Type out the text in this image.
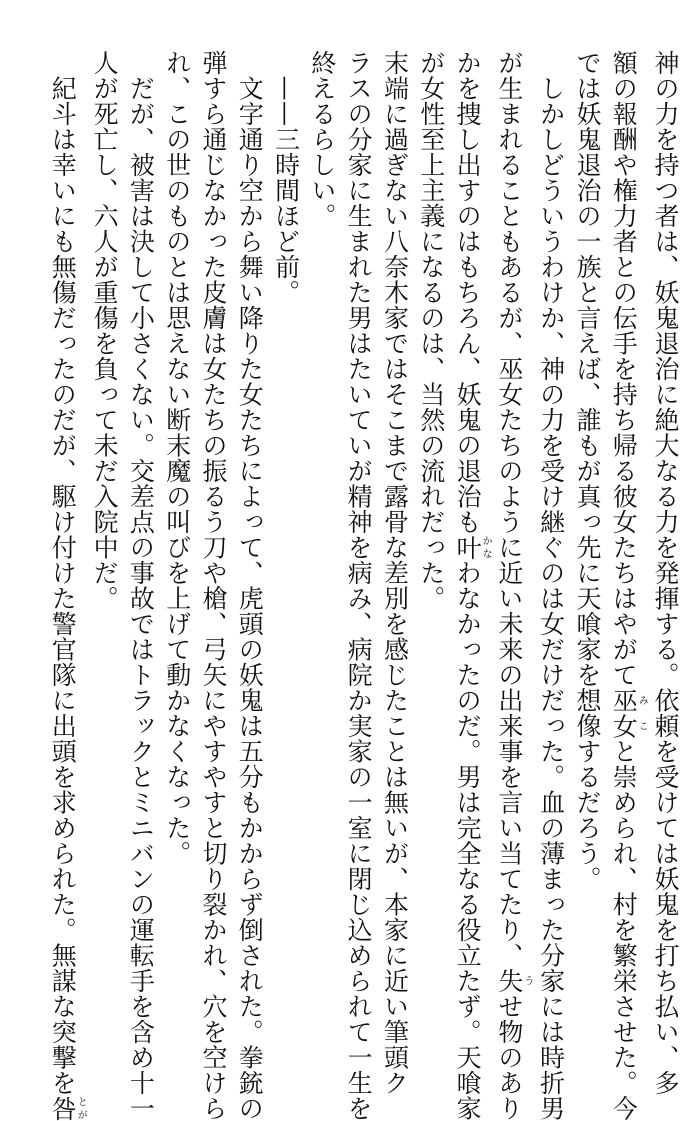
神の力を持つ者は、妖鬼退治に絶大なる力を発揮する。依頼を受けては妖鬼を打ち払い、多
額の報酬や権力者との伝手を持ち帰る彼女たちはやがて巫女みこと崇められ、村を繁栄させた。今
では妖鬼退治の一族と言えば、誰もが真っ先に天喰家を想像するだろう。
　しかしどういうわけか、神の力を受け継ぐのは女だけだった。血の薄まった分家には時折男
が生まれることもあるが、巫女たちのように近い未来の出来事を言い当てたり、失うせ物のあり
かを捜し出すのはもちろん、妖鬼の退治も叶かなわなかったのだ。男は完全なる役立たず。天喰家
が女性至上主義になるのは、当然の流れだった。
末端に過ぎない八奈木家ではそこまで露骨な差別を感じたことは無いが、本家に近い筆頭ク
ラスの分家に生まれた男はたいていが精神を病み、病院か実家の一室に閉じ込められて一生を
終えるらしい。
　——三時間ほど前。
　文字通り空から舞い降りた女たちによって、虎頭の妖鬼は五分もかからず倒された。拳銃の
弾すら通じなかった皮膚は女たちの振るう刀や槍、弓矢にやすやすと切り裂かれ、穴を空けら
れ、この世のものとは思えない断末魔の叫びを上げて動かなくなった。
　だが、被害は決して小さくない。交差点の事故ではトラックとミニバンの運転手を含め十一
人が死亡し、六人が重傷を負って未だ入院中だ。
　紀斗は幸いにも無傷だったのだが、駆け付けた警官隊に出頭を求められた。無謀な突撃を咎とが
